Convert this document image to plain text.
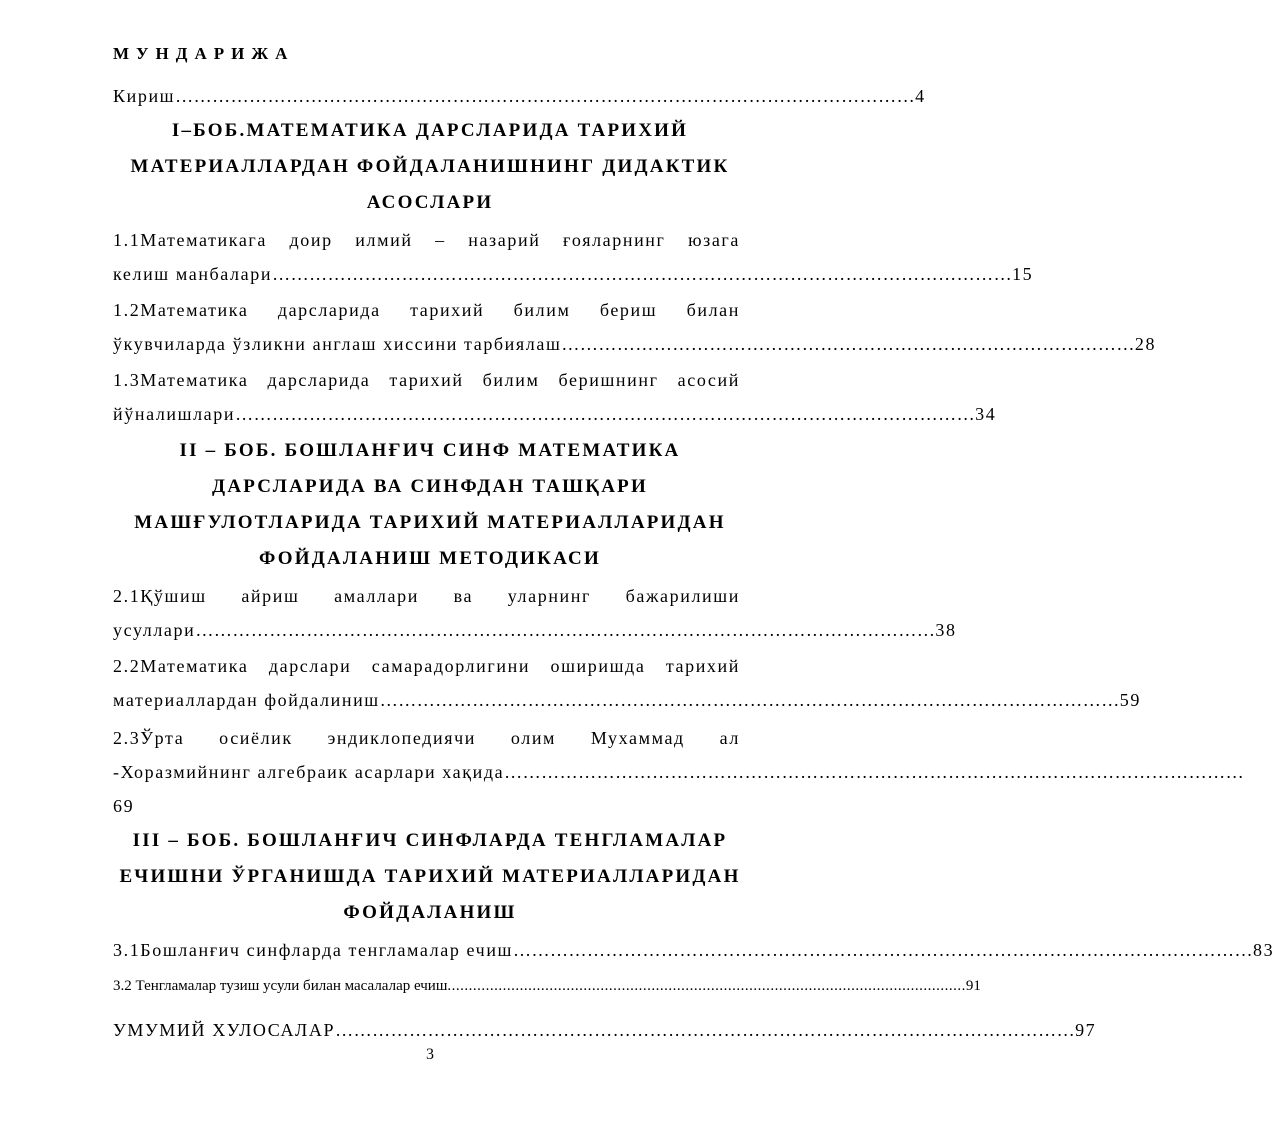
МУНДАРИЖА
Кириш ………………………………………………………………………………………………………… 4
I–БОБ.МАТЕМАТИКА ДАРСЛАРИДА ТАРИХИЙ
МАТЕРИАЛЛАРДАН ФОЙДАЛАНИШНИНГ ДИДАКТИК
АСОСЛАРИ
1.1Математикага доир илмий – назарий ғояларнинг юзага
келиш манбалари ………………………………………………………………………………………………………… 15
1.2Математика дарсларида тарихий билим бериш билан
ўкувчиларда ўзликни англаш хиссини тарбиялаш ………………………………………………………………………………… 28
1.3Математика дарсларида тарихий билим беришнинг асосий
йўналишлари ………………………………………………………………………………………………………… 34
II – БОБ. БОШЛАНҒИЧ СИНФ МАТЕМАТИКА
ДАРСЛАРИДА ВА СИНФДАН ТАШҚАРИ
МАШҒУЛОТЛАРИДА ТАРИХИЙ МАТЕРИАЛЛАРИДАН
ФОЙДАЛАНИШ МЕТОДИКАСИ
2.1Қўшиш айриш амаллари ва уларнинг бажарилиши
усуллари ………………………………………………………………………………………………………… 38
2.2Математика дарслари самарадорлигини оширишда тарихий
материаллардан фойдалиниш ………………………………………………………………………………………………………… 59
2.3Ўрта осиёлик эндиклопедиячи олим Мухаммад ал
-Хоразмийнинг алгебраик асарлари хақида …………………………………………………………………………………………………………
69
III – БОБ. БОШЛАНҒИЧ СИНФЛАРДА ТЕНГЛАМАЛАР
ЕЧИШНИ ЎРГАНИШДА ТАРИХИЙ МАТЕРИАЛЛАРИДАН
ФОЙДАЛАНИШ
3.1Бошланғич синфларда тенгламалар ечиш ………………………………………………………………………………………………………… 83
3.2 Тенгламалар тузиш усули билан масалалар ечиш .......................................................................................................................... 91
УМУМИЙ ХУЛОСАЛАР ………………………………………………………………………………………………………… 97
3
